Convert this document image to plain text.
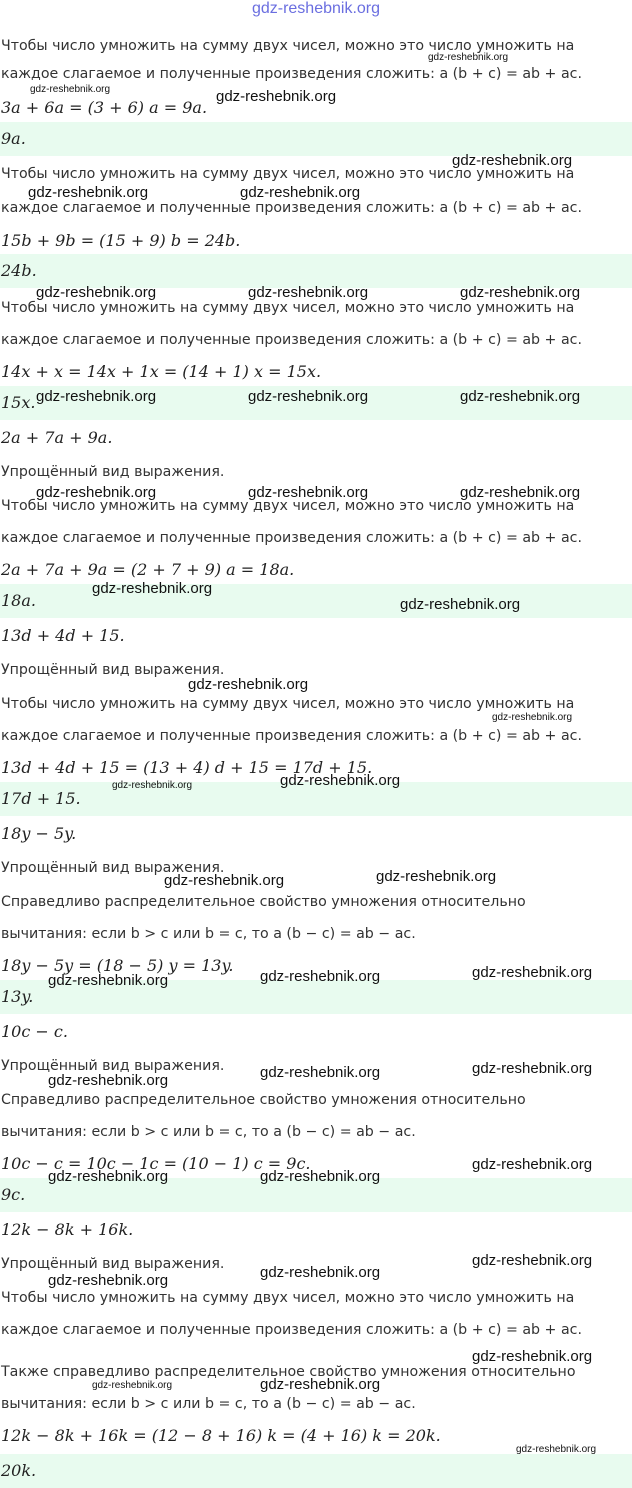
gdz-reshebnik.org
Чтобы число умножить на сумму двух чисел, можно это число умножить на
каждое слагаемое и полученные произведения сложить: a (b + c) = ab + ac.
3a + 6a = (3 + 6) a = 9a.
9a.
Чтобы число умножить на сумму двух чисел, можно это число умножить на
каждое слагаемое и полученные произведения сложить: a (b + c) = ab + ac.
15b + 9b = (15 + 9) b = 24b.
24b.
Чтобы число умножить на сумму двух чисел, можно это число умножить на
каждое слагаемое и полученные произведения сложить: a (b + c) = ab + ac.
14x + x = 14x + 1x = (14 + 1) x = 15x.
15x.
2a + 7a + 9a.
Упрощённый вид выражения.
Чтобы число умножить на сумму двух чисел, можно это число умножить на
каждое слагаемое и полученные произведения сложить: a (b + c) = ab + ac.
2a + 7a + 9a = (2 + 7 + 9) a = 18a.
18a.
13d + 4d + 15.
Упрощённый вид выражения.
Чтобы число умножить на сумму двух чисел, можно это число умножить на
каждое слагаемое и полученные произведения сложить: a (b + c) = ab + ac.
13d + 4d + 15 = (13 + 4) d + 15 = 17d + 15.
17d + 15.
18y − 5y.
Упрощённый вид выражения.
Справедливо распределительное свойство умножения относительно
вычитания: если b > c или b = c, то a (b − c) = ab − ac.
18y − 5y = (18 − 5) y = 13y.
13y.
10c − c.
Упрощённый вид выражения.
Справедливо распределительное свойство умножения относительно
вычитания: если b > c или b = c, то a (b − c) = ab − ac.
10c − c = 10c − 1c = (10 − 1) c = 9c.
9c.
12k − 8k + 16k.
Упрощённый вид выражения.
Чтобы число умножить на сумму двух чисел, можно это число умножить на
каждое слагаемое и полученные произведения сложить: a (b + c) = ab + ac.
Также справедливо распределительное свойство умножения относительно
вычитания: если b > c или b = c, то a (b − c) = ab − ac.
12k − 8k + 16k = (12 − 8 + 16) k = (4 + 16) k = 20k.
20k.
gdz-reshebnik.org
gdz-reshebnik.org	gdz-reshebnik.org
gdz-reshebnik.org
gdz-reshebnik.org	gdz-reshebnik.org
gdz-reshebnik.org	gdz-reshebnik.org	gdz-reshebnik.org
gdz-reshebnik.org	gdz-reshebnik.org	gdz-reshebnik.org
gdz-reshebnik.org	gdz-reshebnik.org	gdz-reshebnik.org
gdz-reshebnik.org
gdz-reshebnik.org
gdz-reshebnik.org
gdz-reshebnik.org
gdz-reshebnik.org
gdz-reshebnik.org
gdz-reshebnik.org	gdz-reshebnik.org
gdz-reshebnik.org	gdz-reshebnik.org	gdz-reshebnik.org
gdz-reshebnik.org	gdz-reshebnik.org	gdz-reshebnik.org
gdz-reshebnik.org	gdz-reshebnik.org
gdz-reshebnik.org
gdz-reshebnik.org	gdz-reshebnik.org
gdz-reshebnik.org
gdz-reshebnik.org
gdz-reshebnik.org	gdz-reshebnik.org
gdz-reshebnik.org
